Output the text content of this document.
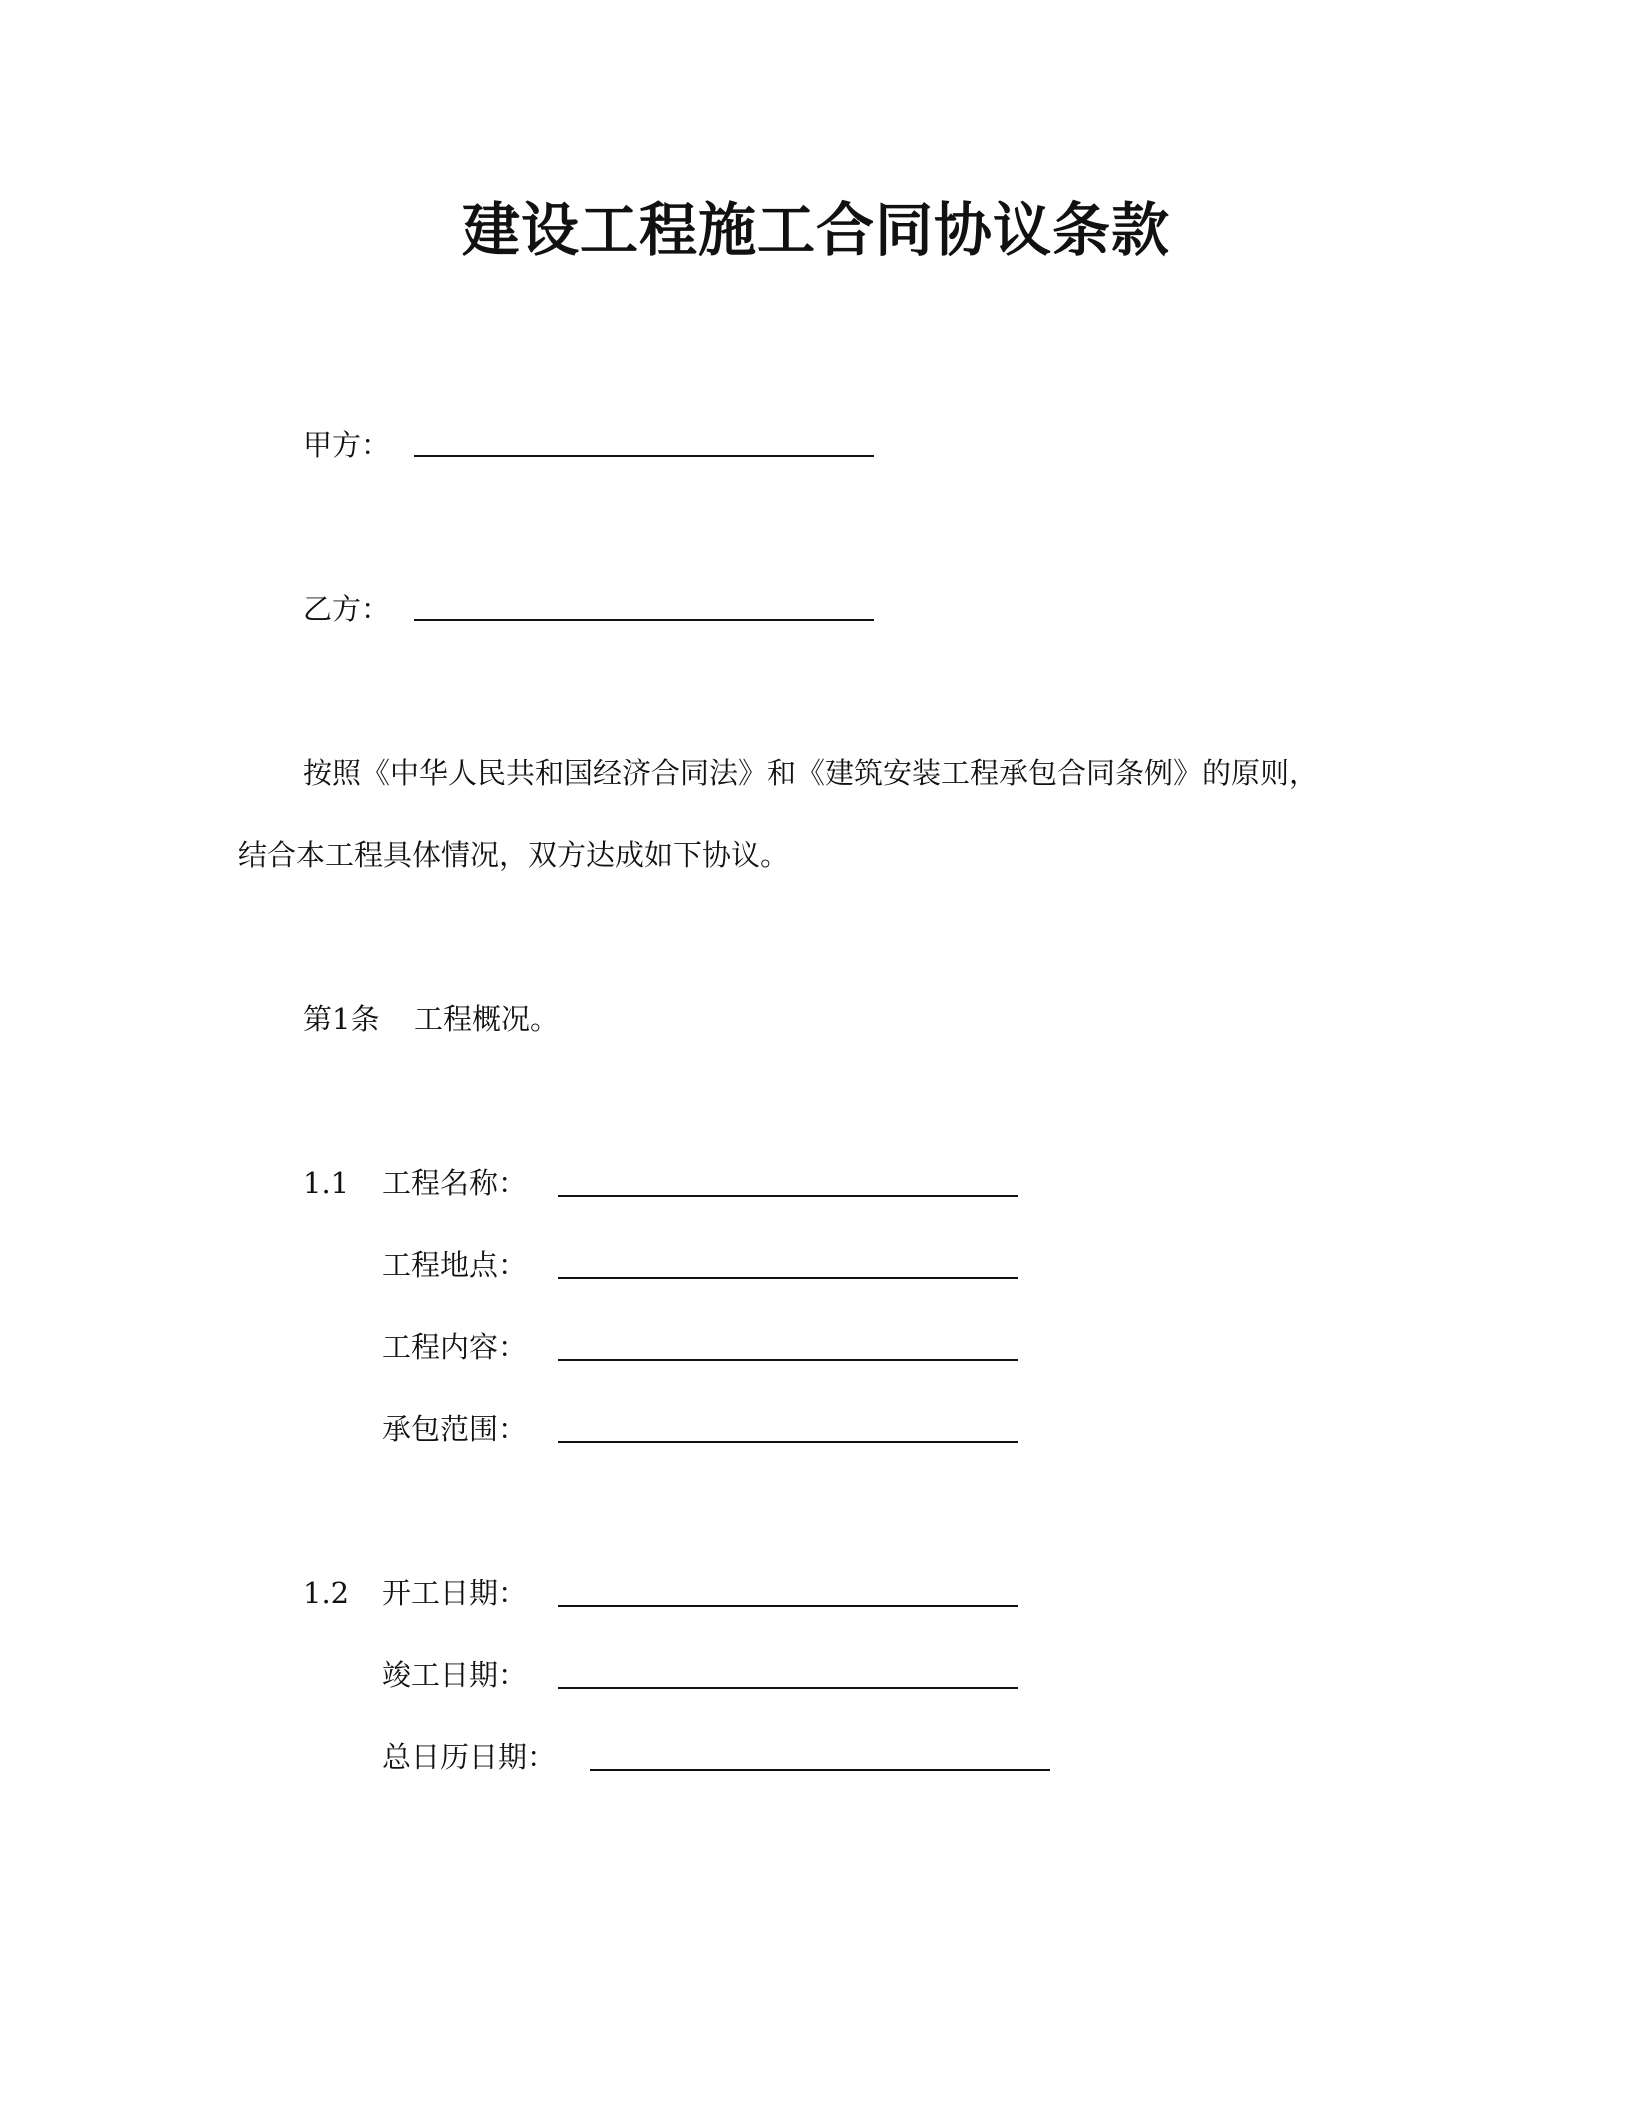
建设工程施工合同协议条款
甲方：
乙方：
按照《中华人民共和国经济合同法》和《建筑安装工程承包合同条例》的原则，
结合本工程具体情况，双方达成如下协议。
第1条 工程概况。
1.1 工程名称：
工程地点：
工程内容：
承包范围：
1.2 开工日期：
竣工日期：
总日历日期：
